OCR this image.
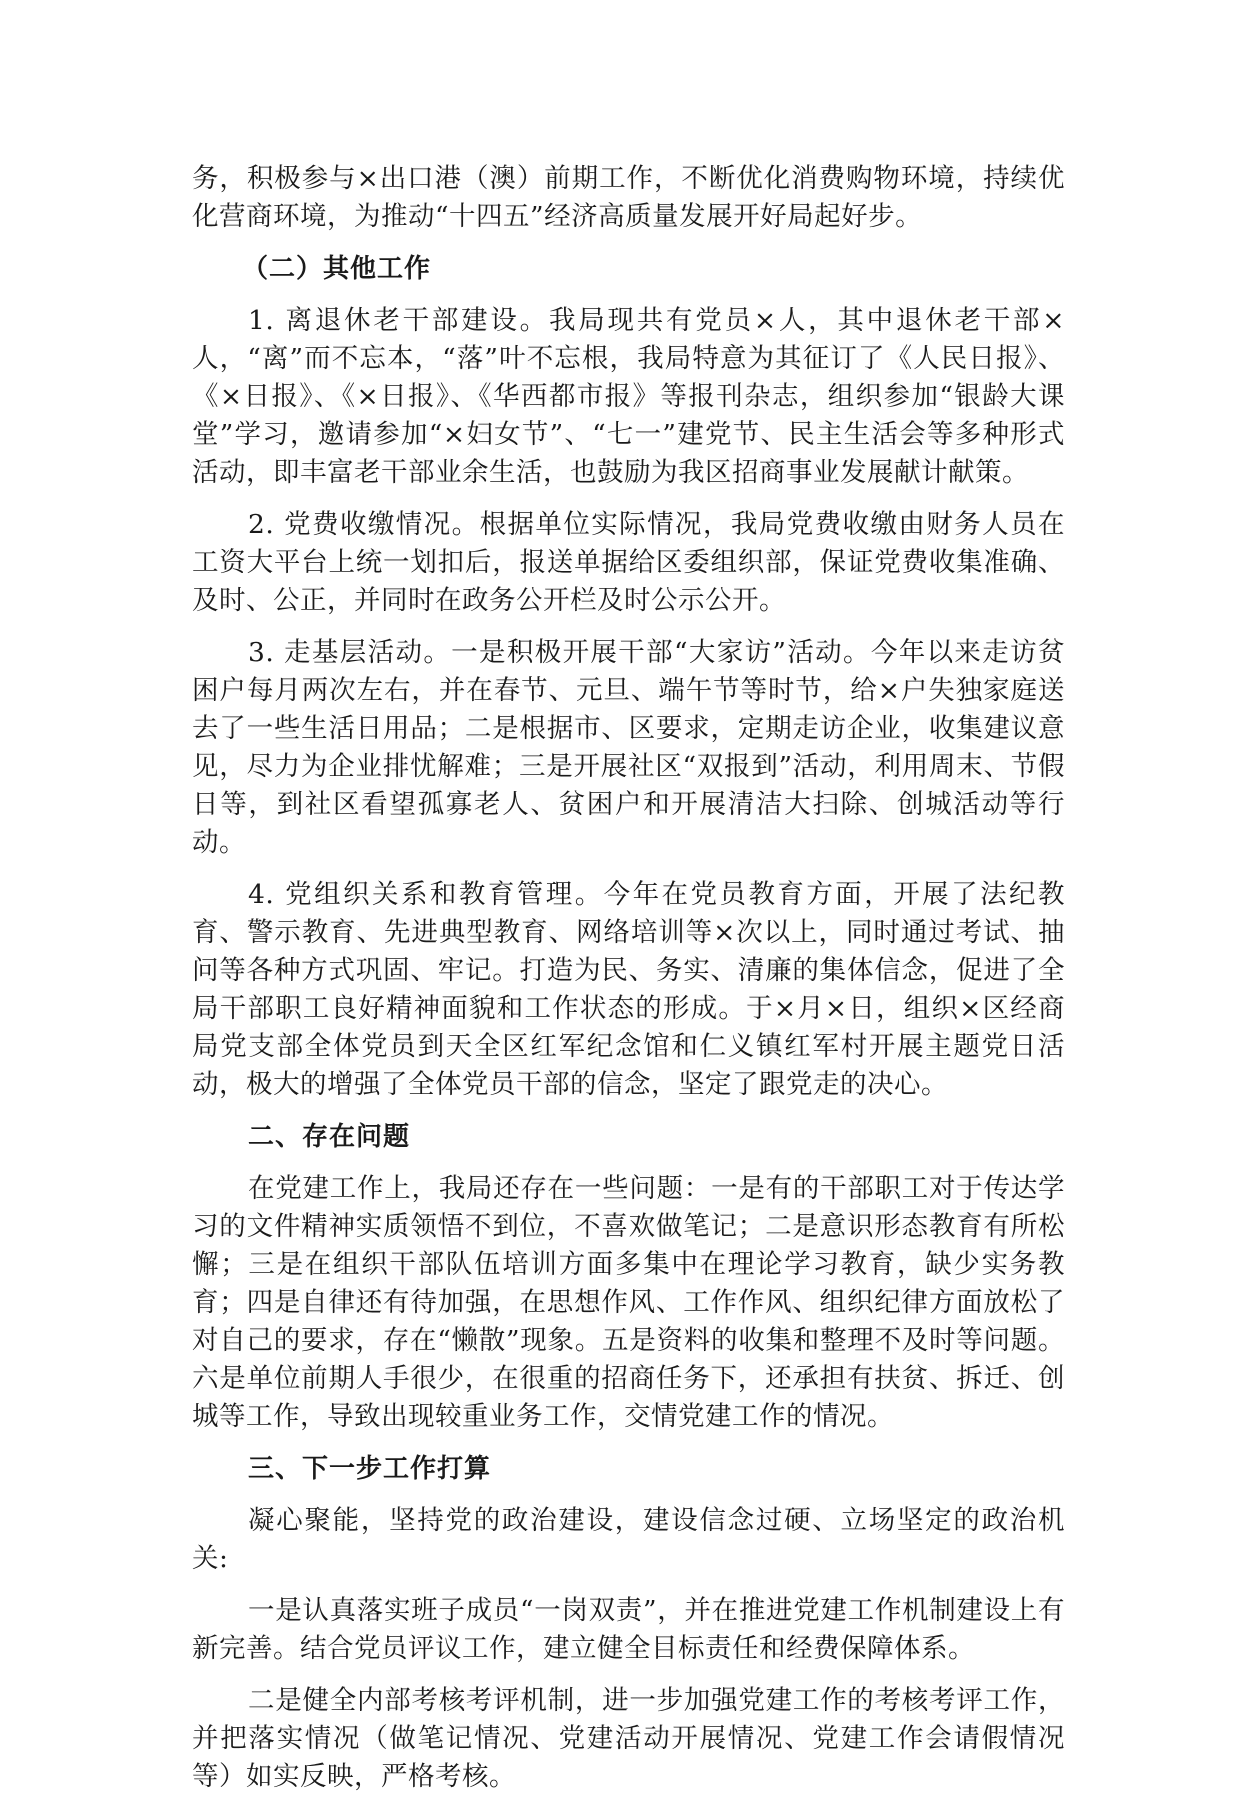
务，积极参与×出口港（澳）前期工作，不断优化消费购物环境，持续优化营商环境，为推动“十四五”经济高质量发展开好局起好步。

（二）其他工作

1. 离退休老干部建设。我局现共有党员×人，其中退休老干部×人，“离”而不忘本，“落”叶不忘根，我局特意为其征订了《人民日报》、《×日报》、《×日报》、《华西都市报》等报刊杂志，组织参加“银龄大课堂”学习，邀请参加“×妇女节”、“七一”建党节、民主生活会等多种形式活动，即丰富老干部业余生活，也鼓励为我区招商事业发展献计献策。

2. 党费收缴情况。根据单位实际情况，我局党费收缴由财务人员在工资大平台上统一划扣后，报送单据给区委组织部，保证党费收集准确、及时、公正，并同时在政务公开栏及时公示公开。

3. 走基层活动。一是积极开展干部“大家访”活动。今年以来走访贫困户每月两次左右，并在春节、元旦、端午节等时节，给×户失独家庭送去了一些生活日用品；二是根据市、区要求，定期走访企业，收集建议意见，尽力为企业排忧解难；三是开展社区“双报到”活动，利用周末、节假日等，到社区看望孤寡老人、贫困户和开展清洁大扫除、创城活动等行动。

4. 党组织关系和教育管理。今年在党员教育方面，开展了法纪教育、警示教育、先进典型教育、网络培训等×次以上，同时通过考试、抽问等各种方式巩固、牢记。打造为民、务实、清廉的集体信念，促进了全局干部职工良好精神面貌和工作状态的形成。于×月×日，组织×区经商局党支部全体党员到天全区红军纪念馆和仁义镇红军村开展主题党日活动，极大的增强了全体党员干部的信念，坚定了跟党走的决心。

二、存在问题

在党建工作上，我局还存在一些问题：一是有的干部职工对于传达学习的文件精神实质领悟不到位，不喜欢做笔记；二是意识形态教育有所松懈；三是在组织干部队伍培训方面多集中在理论学习教育，缺少实务教育；四是自律还有待加强，在思想作风、工作作风、组织纪律方面放松了对自己的要求，存在“懒散”现象。五是资料的收集和整理不及时等问题。六是单位前期人手很少，在很重的招商任务下，还承担有扶贫、拆迁、创城等工作，导致出现较重业务工作，交情党建工作的情况。

三、下一步工作打算

凝心聚能，坚持党的政治建设，建设信念过硬、立场坚定的政治机关:

一是认真落实班子成员“一岗双责”，并在推进党建工作机制建设上有新完善。结合党员评议工作，建立健全目标责任和经费保障体系。

二是健全内部考核考评机制，进一步加强党建工作的考核考评工作，并把落实情况（做笔记情况、党建活动开展情况、党建工作会请假情况等）如实反映，严格考核。
